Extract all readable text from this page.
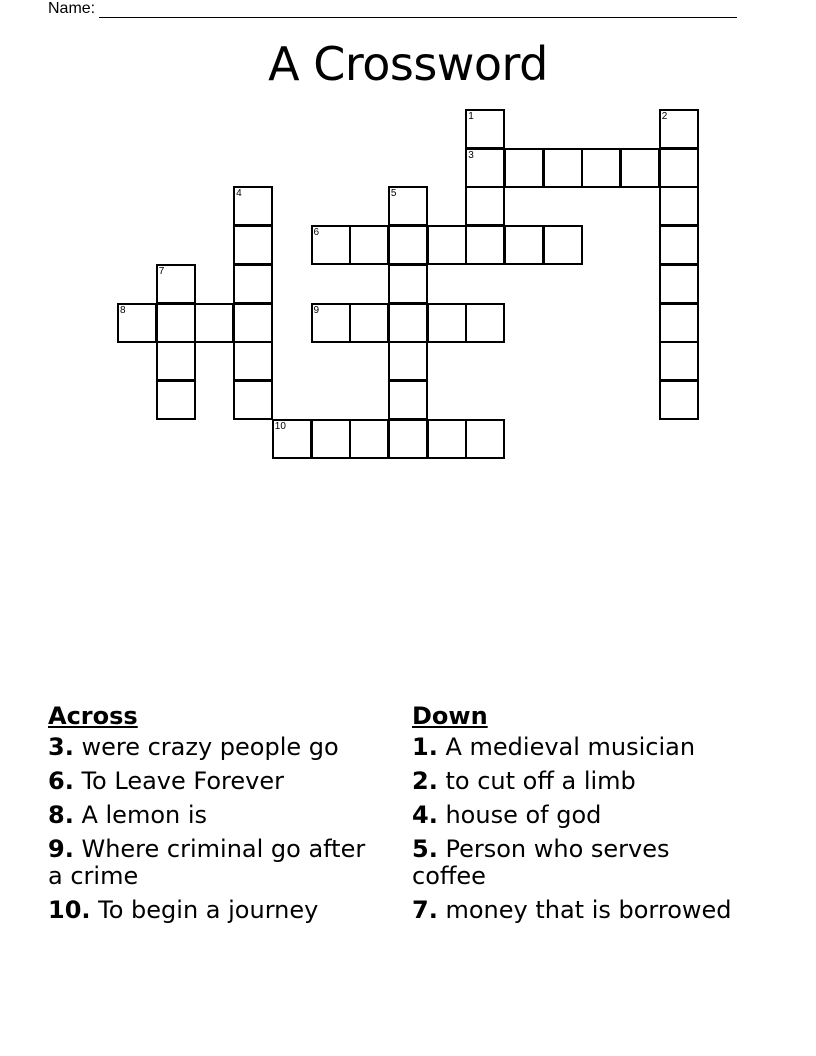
Name:
A Crossword
1	2
3
4	5
6
7
8	9
10
Across
3. were crazy people go
6. To Leave Forever
8. A lemon is
9. Where criminal go after a crime
10. To begin a journey
Down
1. A medieval musician
2. to cut off a limb
4. house of god
5. Person who serves coffee
7. money that is borrowed
